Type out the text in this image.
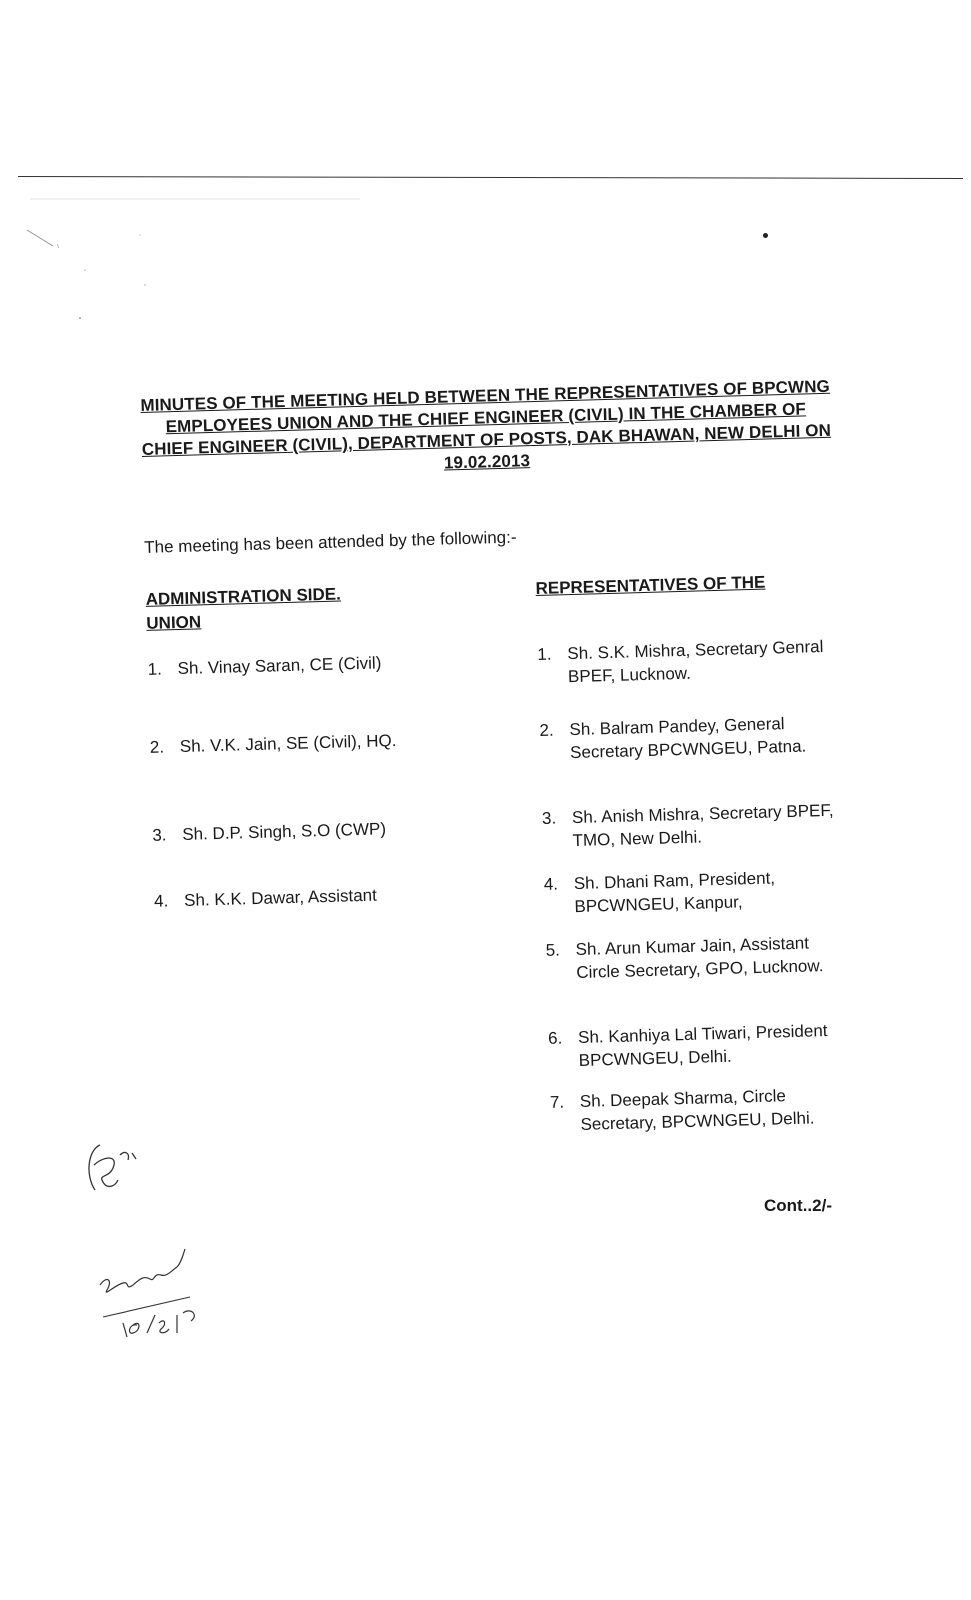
MINUTES OF THE MEETING HELD BETWEEN THE REPRESENTATIVES OF BPCWNG EMPLOYEES UNION AND THE CHIEF ENGINEER (CIVIL) IN THE CHAMBER OF CHIEF ENGINEER (CIVIL), DEPARTMENT OF POSTS, DAK BHAWAN, NEW DELHI ON 19.02.2013
The meeting has been attended by the following:-
ADMINISTRATION SIDE.
UNION
1. Sh. Vinay Saran, CE (Civil)
2. Sh. V.K. Jain, SE (Civil), HQ.
3. Sh. D.P. Singh, S.O (CWP)
4. Sh. K.K. Dawar, Assistant
REPRESENTATIVES OF THE
1. Sh. S.K. Mishra, Secretary Genral BPEF, Lucknow.
2. Sh. Balram Pandey, General Secretary BPCWNGEU, Patna.
3. Sh. Anish Mishra, Secretary BPEF, TMO, New Delhi.
4. Sh. Dhani Ram, President, BPCWNGEU, Kanpur,
5. Sh. Arun Kumar Jain, Assistant Circle Secretary, GPO, Lucknow.
6. Sh. Kanhiya Lal Tiwari, President BPCWNGEU, Delhi.
7. Sh. Deepak Sharma, Circle Secretary, BPCWNGEU, Delhi.
Cont..2/-
